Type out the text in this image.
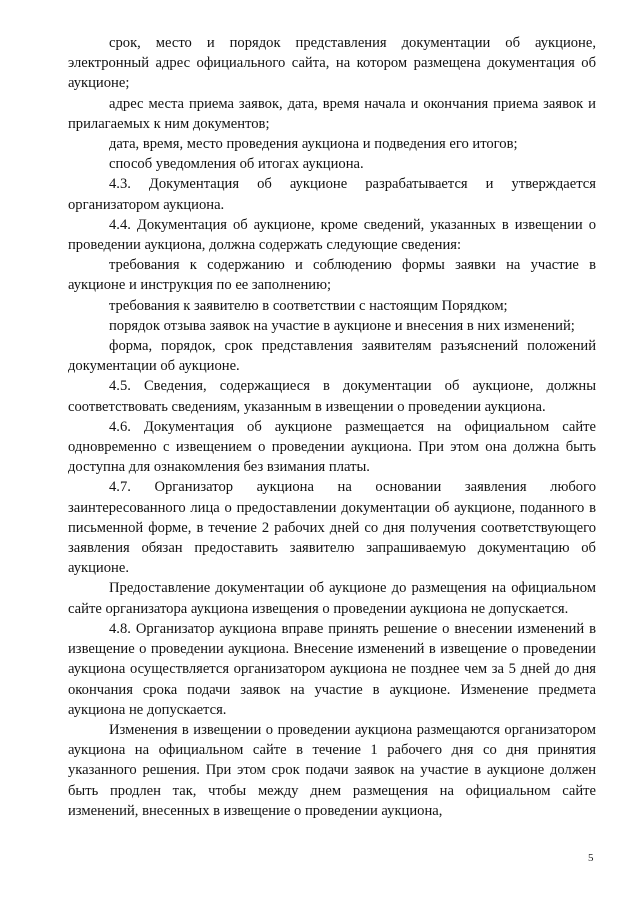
срок, место и порядок представления документации об аукционе, электронный адрес официального сайта, на котором размещена документация об аукционе;

адрес места приема заявок, дата, время начала и окончания приема заявок и прилагаемых к ним документов;

дата, время, место проведения аукциона и подведения его итогов;

способ уведомления об итогах аукциона.

4.3. Документация об аукционе разрабатывается и утверждается организатором аукциона.

4.4. Документация об аукционе, кроме сведений, указанных в извещении о проведении аукциона, должна содержать следующие сведения:

требования к содержанию и соблюдению формы заявки на участие в аукционе и инструкция по ее заполнению;

требования к заявителю в соответствии с настоящим Порядком;

порядок отзыва заявок на участие в аукционе и внесения в них изменений;

форма, порядок, срок представления заявителям разъяснений положений документации об аукционе.

4.5. Сведения, содержащиеся в документации об аукционе, должны соответствовать сведениям, указанным в извещении о проведении аукциона.

4.6. Документация об аукционе размещается на официальном сайте одновременно с извещением о проведении аукциона. При этом она должна быть доступна для ознакомления без взимания платы.

4.7. Организатор аукциона на основании заявления любого заинтересованного лица о предоставлении документации об аукционе, поданного в письменной форме, в течение 2 рабочих дней со дня получения соответствующего заявления обязан предоставить заявителю запрашиваемую документацию об аукционе.

Предоставление документации об аукционе до размещения на официальном сайте организатора аукциона извещения о проведении аукциона не допускается.

4.8. Организатор аукциона вправе принять решение о внесении изменений в извещение о проведении аукциона. Внесение изменений в извещение о проведении аукциона осуществляется организатором аукциона не позднее чем за 5 дней до дня окончания срока подачи заявок на участие в аукционе. Изменение предмета аукциона не допускается.

Изменения в извещении о проведении аукциона размещаются организатором аукциона на официальном сайте в течение 1 рабочего дня со дня принятия указанного решения. При этом срок подачи заявок на участие в аукционе должен быть продлен так, чтобы между днем размещения на официальном сайте изменений, внесенных в извещение о проведении аукциона,

5
